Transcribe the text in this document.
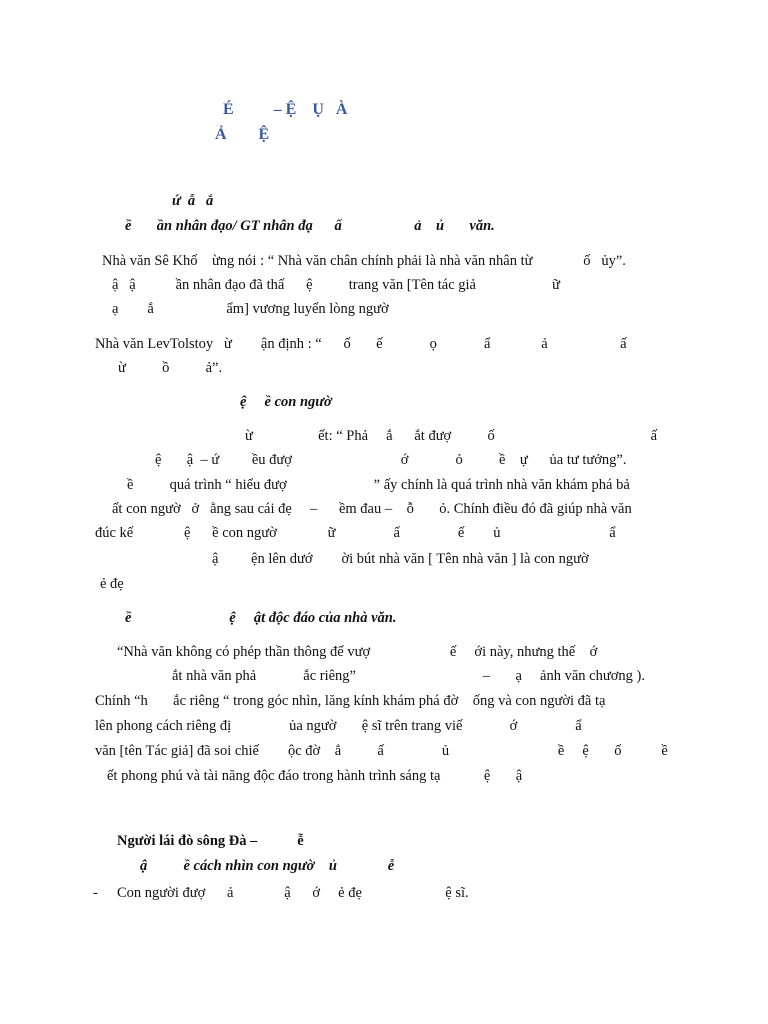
É          – Ệ    Ụ   À
Ả        Ệ
ứ  ẫ   ắ
ề       ần nhân đạo/ GT nhân đạ      ấ                    ả    ủ       văn.
Nhà văn Sê Khố    ừng nói : “ Nhà văn chân chính phải là nhà văn nhân từ              ố   ủy”.
ậ   ậ           ần nhân đạo đã thấ      ệ          trang văn [Tên tác giả                     ữ
ạ        ắ                    ẩm] vương luyến lòng ngườ
Nhà văn LevTolstoy   ừ        ận định : “      ố       ế             ọ             ẩ              ả                    ấ
ừ          ồ          ả”.
ệ     ề con ngườ
ừ                  ết: “ Phả     ắ      ắt đượ          ố                                           ấ
ệ       ậ  – ứ         ều đượ                              ớ             ỏ          ề    ự      ủa tư tưởng”.
ề          quá trình “ hiểu đượ                        ” ấy chính là quá trình nhà văn khám phá bả
ất con ngườ   ở   ằng sau cái đẹ     –      ềm đau –    ỗ       ỏ. Chính điều đó đã giúp nhà văn
đúc kế              ệ      ề con ngườ              ữ                ẩ                ế        ủ                              ẩ
ậ         ện lên dướ        ời bút nhà văn [ Tên nhà văn ] là con ngườ
ẻ đẹ
ề                           ệ     ật độc đáo của nhà văn.
“Nhà văn không có phép thần thông để vượ                      ế     ới này, nhưng thế    ớ
ắt nhà văn phả             ắc riêng”                                   –       ạ     ảnh văn chương ).
Chính “h       ắc riêng “ trong góc nhìn, lăng kính khám phá đờ    ống và con người đã tạ
lên phong cách riêng đị                ủa ngườ       ệ sĩ trên trang viế             ớ                ẩ
văn [tên Tác giả] đã soi chiế        ộc đờ    ẳ          ấ                ủ                              ề     ệ       ố           ề
ết phong phú và tài năng độc đáo trong hành trình sáng tạ            ệ       ậ
Người lái đò sông Đà –           ễ
ậ          ề cách nhìn con ngườ    ủ              ễ
- Con người đượ      ả              ậ      ớ     ẻ đẹ                       ệ sĩ.
